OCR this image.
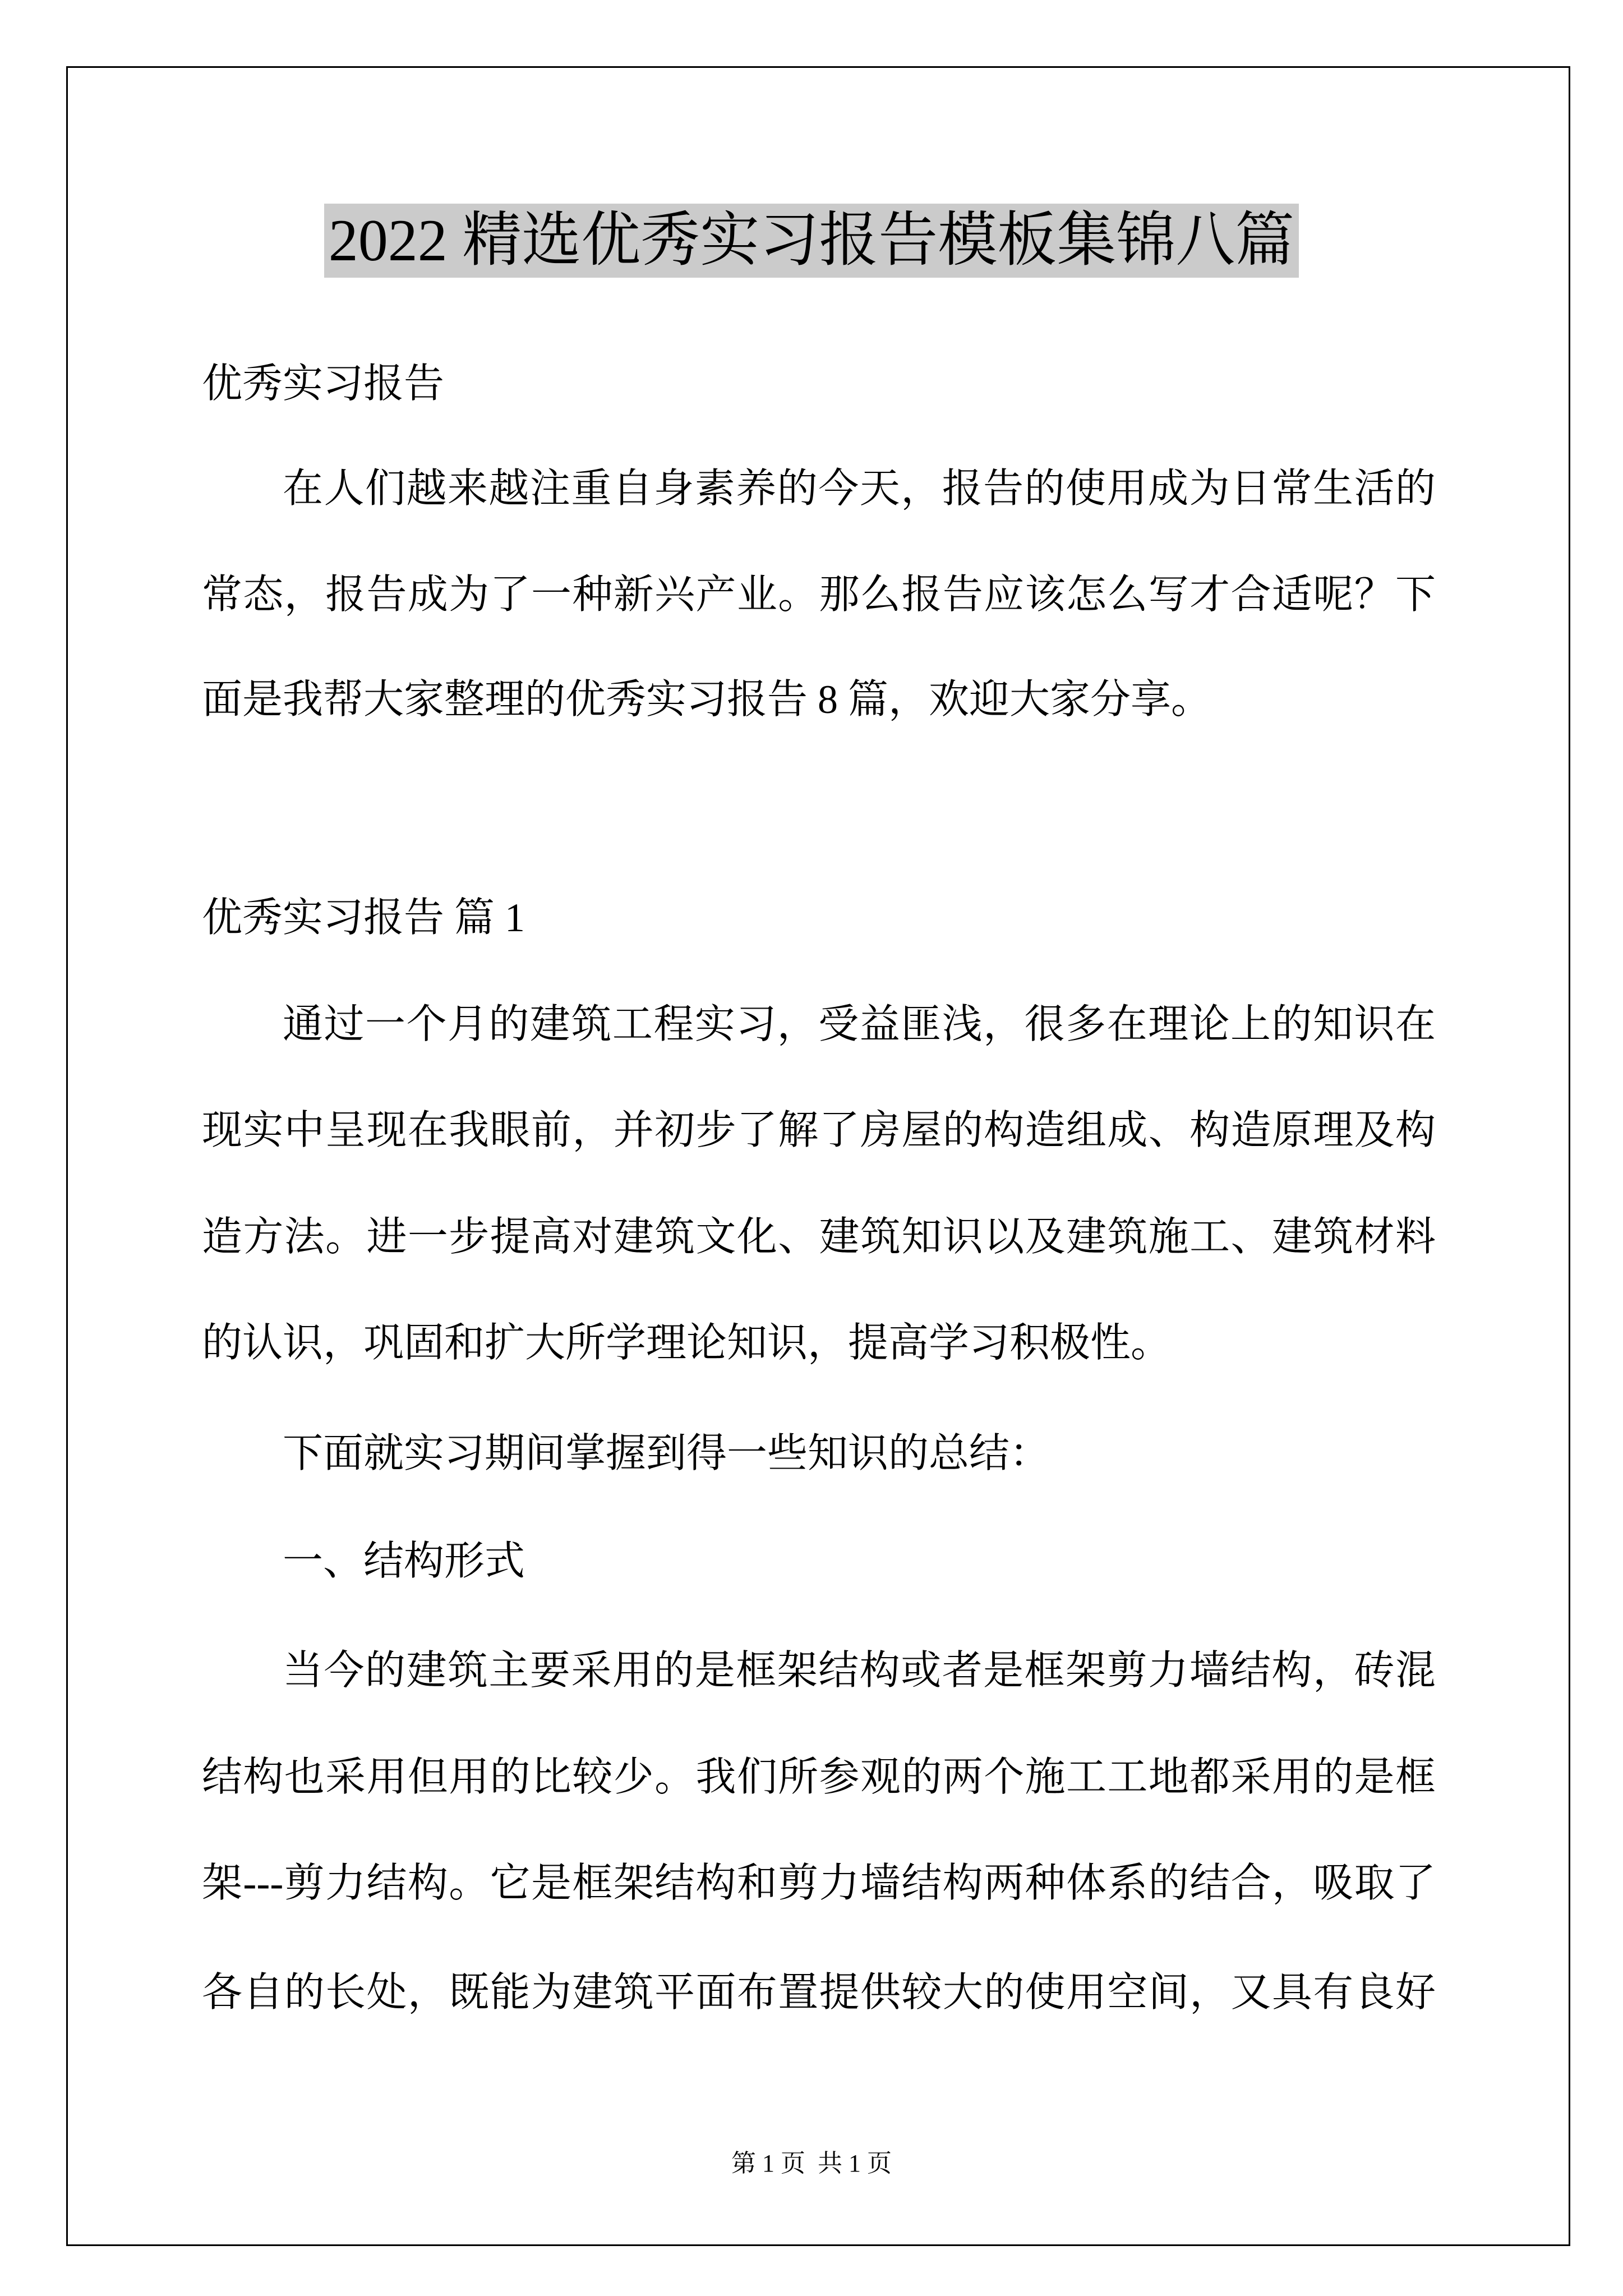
2022 精选优秀实习报告模板集锦八篇
优秀实习报告
在人们越来越注重自身素养的今天，报告的使用成为日常生活的
常态，报告成为了一种新兴产业。那么报告应该怎么写才合适呢？下
面是我帮大家整理的优秀实习报告 8 篇，欢迎大家分享。
优秀实习报告 篇 1
通过一个月的建筑工程实习，受益匪浅，很多在理论上的知识在
现实中呈现在我眼前，并初步了解了房屋的构造组成、构造原理及构
造方法。进一步提高对建筑文化、建筑知识以及建筑施工、建筑材料
的认识，巩固和扩大所学理论知识，提高学习积极性。
下面就实习期间掌握到得一些知识的总结：
一、结构形式
当今的建筑主要采用的是框架结构或者是框架剪力墙结构，砖混
结构也采用但用的比较少。我们所参观的两个施工工地都采用的是框
架---剪力结构。它是框架结构和剪力墙结构两种体系的结合，吸取了
各自的长处，既能为建筑平面布置提供较大的使用空间，又具有良好
第 1 页  共 1 页
